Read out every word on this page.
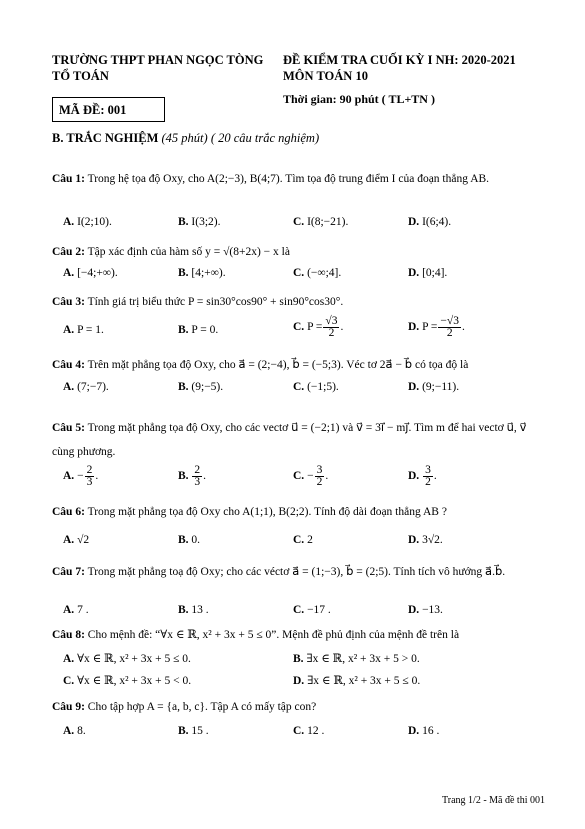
TRƯỜNG THPT PHAN NGỌC TÒNG
TỔ TOÁN
ĐỀ KIỂM TRA CUỐI KỲ I NH: 2020-2021
MÔN TOÁN 10
Thời gian: 90 phút ( TL+TN )
MÃ ĐỀ: 001
B. TRẮC NGHIỆM (45 phút) ( 20 câu trắc nghiệm)
Câu 1: Trong hệ tọa độ Oxy, cho A(2;−3), B(4;7). Tìm tọa độ trung điểm I của đoạn thẳng AB.
A. I(2;10).	B. I(3;2).	C. I(8;−21).	D. I(6;4).
Câu 2: Tập xác định của hàm số y = √(8+2x) − x là
A. [−4;+∞).	B. [4;+∞).	C. (−∞;4].	D. [0;4].
Câu 3: Tính giá trị biểu thức P = sin30°cos90° + sin90°cos30°.
A. P = 1.	B. P = 0.	C. $P = \frac{√3}{2}$ .	D. $P = \frac{-√3}{2}$ .
Câu 4: Trên mặt phẳng tọa độ Oxy, cho a⃗ = (2;−4), b⃗ = (−5;3). Véc tơ 2a⃗ − b⃗ có tọa độ là
A. (7;−7).	B. (9;−5).	C. (−1;5).	D. (9;−11).
Câu 5: Trong mặt phẳng tọa độ Oxy, cho các vectơ u⃗ = (−2;1) và v⃗ = 3i⃗ − mj⃗. Tìm m để hai vectơ u⃗, v⃗ cùng phương.
A. − $\frac{2}{3}$ .	B. $\frac{2}{3}$ .	C. − $\frac{3}{2}$ .	D. $\frac{3}{2}$ .
Câu 6: Trong mặt phẳng tọa độ Oxy cho A(1;1), B(2;2). Tính độ dài đoạn thẳng AB ?
A. √2	B. 0.	C. 2	D. 3√2.
Câu 7: Trong mặt phẳng toạ độ Oxy; cho các véctơ a⃗ = (1;−3), b⃗ = (2;5). Tính tích vô hướng a⃗.b⃗.
A. 7 .	B. 13 .	C. −17 .	D. −13.
Câu 8: Cho mệnh đề: “∀x ∈ ℝ, x² + 3x + 5 ≤ 0”. Mệnh đề phủ định của mệnh đề trên là
A. ∀x ∈ ℝ, x² + 3x + 5 ≤ 0.	B. ∃x ∈ ℝ, x² + 3x + 5 > 0.
C. ∀x ∈ ℝ, x² + 3x + 5 < 0.	D. ∃x ∈ ℝ, x² + 3x + 5 ≤ 0.
Câu 9: Cho tập hợp A = {a, b, c}. Tập A có mấy tập con?
A. 8.	B. 15 .	C. 12 .	D. 16 .
Trang 1/2 - Mã đề thi 001
